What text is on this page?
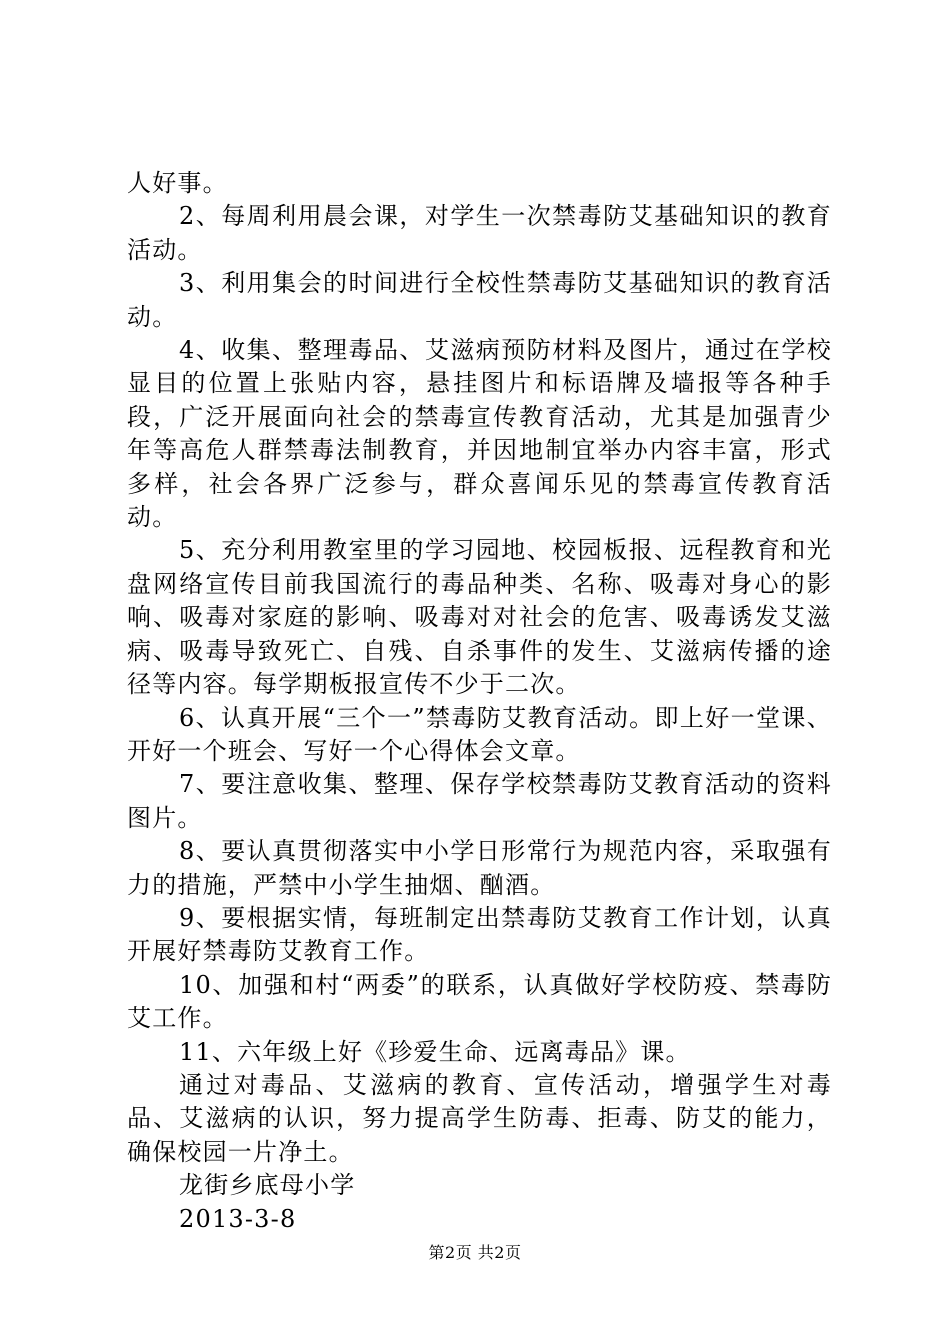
人好事。

2、每周利用晨会课，对学生一次禁毒防艾基础知识的教育活动。

3、利用集会的时间进行全校性禁毒防艾基础知识的教育活动。

4、收集、整理毒品、艾滋病预防材料及图片，通过在学校显目的位置上张贴内容，悬挂图片和标语牌及墙报等各种手段，广泛开展面向社会的禁毒宣传教育活动，尤其是加强青少年等高危人群禁毒法制教育，并因地制宜举办内容丰富，形式多样，社会各界广泛参与，群众喜闻乐见的禁毒宣传教育活动。

5、充分利用教室里的学习园地、校园板报、远程教育和光盘网络宣传目前我国流行的毒品种类、名称、吸毒对身心的影响、吸毒对家庭的影响、吸毒对对社会的危害、吸毒诱发艾滋病、吸毒导致死亡、自残、自杀事件的发生、艾滋病传播的途径等内容。每学期板报宣传不少于二次。

6、认真开展“三个一”禁毒防艾教育活动。即上好一堂课、开好一个班会、写好一个心得体会文章。

7、要注意收集、整理、保存学校禁毒防艾教育活动的资料图片。

8、要认真贯彻落实中小学日形常行为规范内容，采取强有力的措施，严禁中小学生抽烟、酗酒。

9、要根据实情，每班制定出禁毒防艾教育工作计划，认真开展好禁毒防艾教育工作。

10、加强和村“两委”的联系，认真做好学校防疫、禁毒防艾工作。

11、六年级上好《珍爱生命、远离毒品》课。

通过对毒品、艾滋病的教育、宣传活动，增强学生对毒品、艾滋病的认识，努力提高学生防毒、拒毒、防艾的能力，确保校园一片净土。

龙街乡底母小学

2013-3-8

第2页 共2页
